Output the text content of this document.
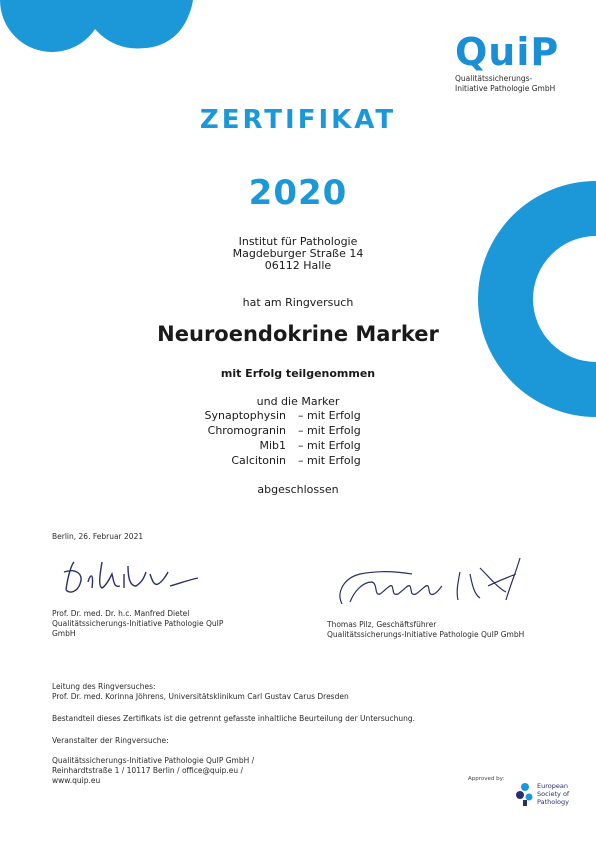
QuiP
Qualitätssicherungs-
Initiative Pathologie GmbH
ZERTIFIKAT
2020
Institut für Pathologie
Magdeburger Straße 14
06112 Halle
hat am Ringversuch
Neuroendokrine Marker
mit Erfolg teilgenommen
und die Marker
Synaptophysin – mit Erfolg
Chromogranin – mit Erfolg
Mib1 – mit Erfolg
Calcitonin – mit Erfolg
abgeschlossen
Berlin, 26. Februar 2021
Prof. Dr. med. Dr. h.c. Manfred Dietel
Qualitätssicherungs-Initiative Pathologie QuIP
GmbH
Thomas Pilz, Geschäftsführer
Qualitätssicherungs-Initiative Pathologie QuIP GmbH
Leitung des Ringversuches:
Prof. Dr. med. Korinna Jöhrens, Universitätsklinikum Carl Gustav Carus Dresden
Bestandteil dieses Zertifikats ist die getrennt gefasste inhaltliche Beurteilung der Untersuchung.
Veranstalter der Ringversuche:
Qualitätssicherungs-Initiative Pathologie QuIP GmbH /
Reinhardtstraße 1 / 10117 Berlin / office@quip.eu /
www.quip.eu	Approved by:
European
Society of
Pathology
